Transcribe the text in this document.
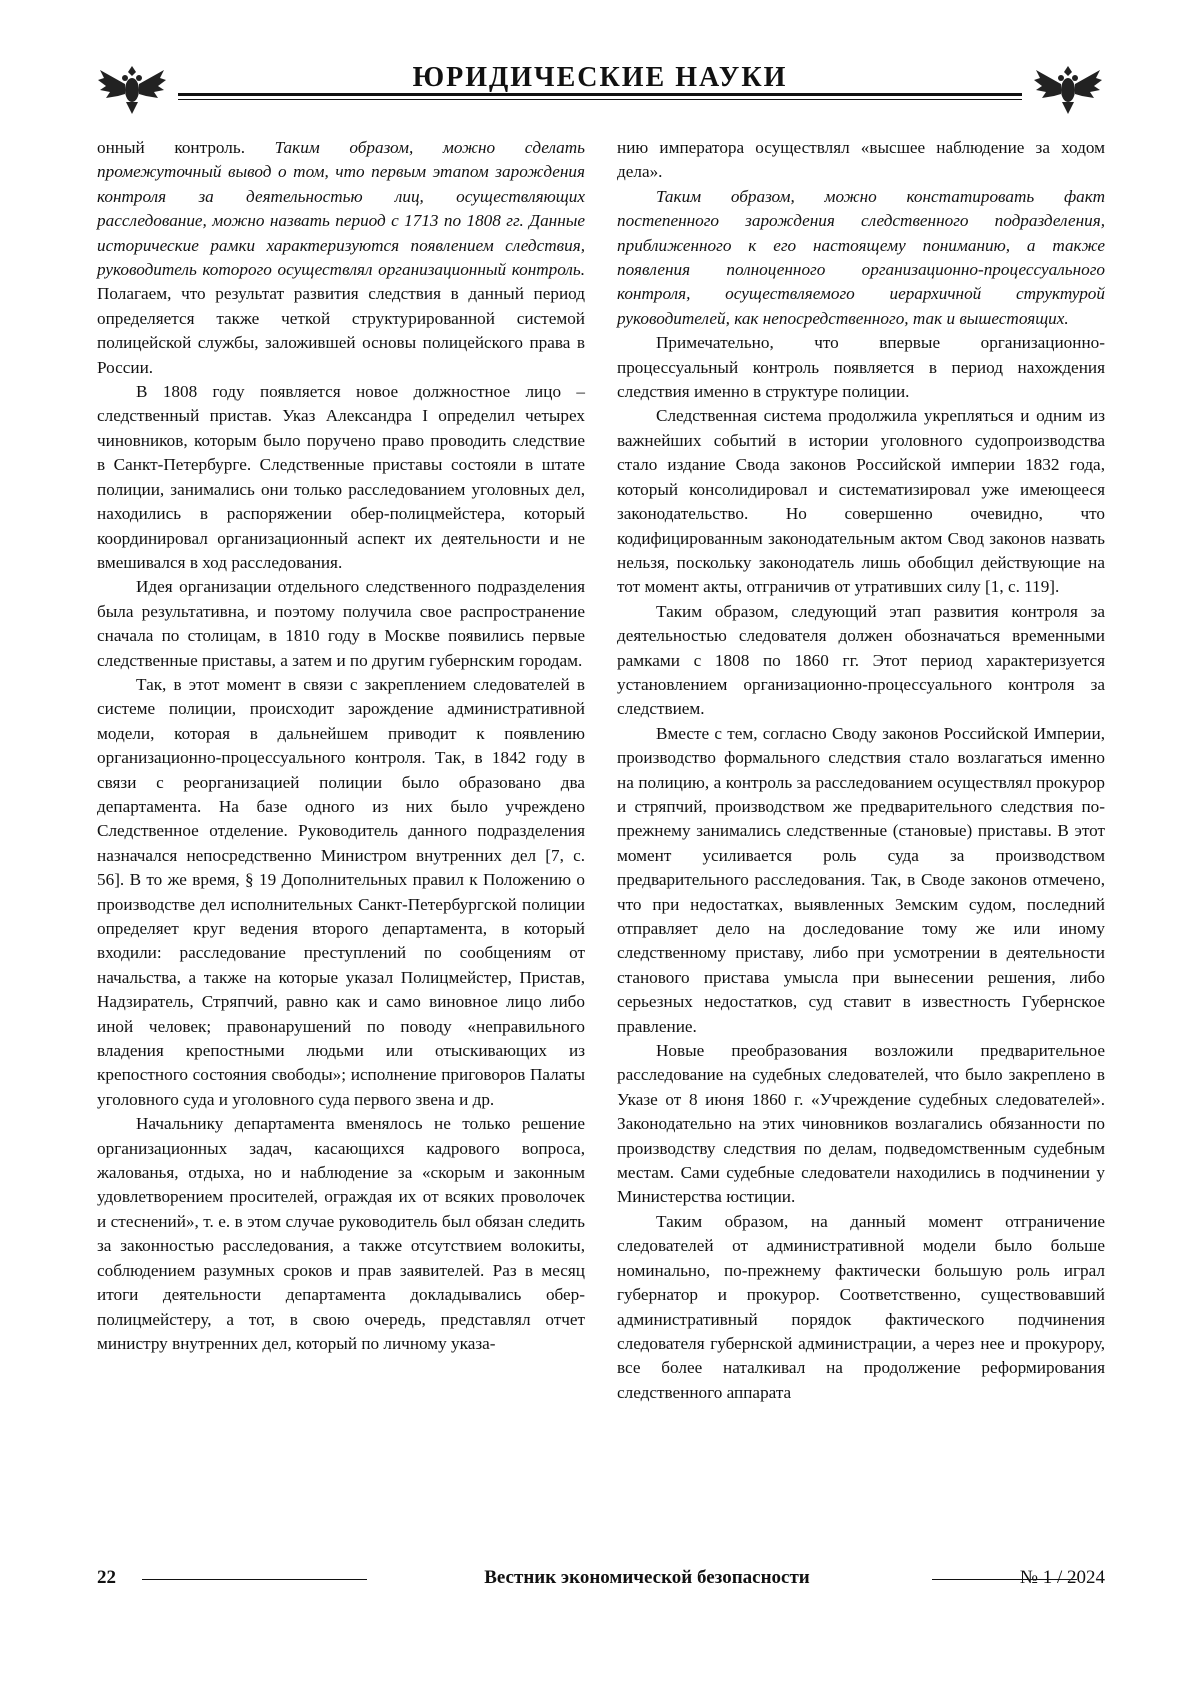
ЮРИДИЧЕСКИЕ НАУКИ

онный контроль. Таким образом, можно сделать промежуточный вывод о том, что первым этапом зарождения контроля за деятельностью лиц, осуществляющих расследование, можно назвать период с 1713 по 1808 гг. Данные исторические рамки характеризуются появлением следствия, руководитель которого осуществлял организационный контроль. Полагаем, что результат развития следствия в данный период определяется также четкой структурированной системой полицейской службы, заложившей основы полицейского права в России.

В 1808 году появляется новое должностное лицо – следственный пристав. Указ Александра I определил четырех чиновников, которым было поручено право проводить следствие в Санкт-Петербурге. Следственные приставы состояли в штате полиции, занимались они только расследованием уголовных дел, находились в распоряжении обер-полицмейстера, который координировал организационный аспект их деятельности и не вмешивался в ход расследования.

Идея организации отдельного следственного подразделения была результативна, и поэтому получила свое распространение сначала по столицам, в 1810 году в Москве появились первые следственные приставы, а затем и по другим губернским городам.

Так, в этот момент в связи с закреплением следователей в системе полиции, происходит зарождение административной модели, которая в дальнейшем приводит к появлению организационно-процессуального контроля. Так, в 1842 году в связи с реорганизацией полиции было образовано два департамента. На базе одного из них было учреждено Следственное отделение. Руководитель данного подразделения назначался непосредственно Министром внутренних дел [7, с. 56]. В то же время, § 19 Дополнительных правил к Положению о производстве дел исполнительных Санкт-Петербургской полиции определяет круг ведения второго департамента, в который входили: расследование преступлений по сообщениям от начальства, а также на которые указал Полицмейстер, Пристав, Надзиратель, Стряпчий, равно как и само виновное лицо либо иной человек; правонарушений по поводу «неправильного владения крепостными людьми или отыскивающих из крепостного состояния свободы»; исполнение приговоров Палаты уголовного суда и уголовного суда первого звена и др.

Начальнику департамента вменялось не только решение организационных задач, касающихся кадрового вопроса, жалованья, отдыха, но и наблюдение за «скорым и законным удовлетворением просителей, ограждая их от всяких проволочек и стеснений», т. е. в этом случае руководитель был обязан следить за законностью расследования, а также отсутствием волокиты, соблюдением разумных сроков и прав заявителей. Раз в месяц итоги деятельности департамента докладывались обер-полицмейстеру, а тот, в свою очередь, представлял отчет министру внутренних дел, который по личному указа-

нию императора осуществлял «высшее наблюдение за ходом дела».

Таким образом, можно констатировать факт постепенного зарождения следственного подразделения, приближенного к его настоящему пониманию, а также появления полноценного организационно-процессуального контроля, осуществляемого иерархичной структурой руководителей, как непосредственного, так и вышестоящих.

Примечательно, что впервые организационно-процессуальный контроль появляется в период нахождения следствия именно в структуре полиции.

Следственная система продолжила укрепляться и одним из важнейших событий в истории уголовного судопроизводства стало издание Свода законов Российской империи 1832 года, который консолидировал и систематизировал уже имеющееся законодательство. Но совершенно очевидно, что кодифицированным законодательным актом Свод законов назвать нельзя, поскольку законодатель лишь обобщил действующие на тот момент акты, отграничив от утративших силу [1, с. 119].

Таким образом, следующий этап развития контроля за деятельностью следователя должен обозначаться временными рамками с 1808 по 1860 гг. Этот период характеризуется установлением организационно-процессуального контроля за следствием.

Вместе с тем, согласно Своду законов Российской Империи, производство формального следствия стало возлагаться именно на полицию, а контроль за расследованием осуществлял прокурор и стряпчий, производством же предварительного следствия по-прежнему занимались следственные (становые) приставы. В этот момент усиливается роль суда за производством предварительного расследования. Так, в Своде законов отмечено, что при недостатках, выявленных Земским судом, последний отправляет дело на доследование тому же или иному следственному приставу, либо при усмотрении в деятельности станового пристава умысла при вынесении решения, либо серьезных недостатков, суд ставит в известность Губернское правление.

Новые преобразования возложили предварительное расследование на судебных следователей, что было закреплено в Указе от 8 июня 1860 г. «Учреждение судебных следователей». Законодательно на этих чиновников возлагались обязанности по производству следствия по делам, подведомственным судебным местам. Сами судебные следователи находились в подчинении у Министерства юстиции.

Таким образом, на данный момент отграничение следователей от административной модели было больше номинально, по-прежнему фактически большую роль играл губернатор и прокурор. Соответственно, существовавший административный порядок фактического подчинения следователя губернской администрации, а через нее и прокурору, все более наталкивал на продолжение реформирования следственного аппарата

22	Вестник экономической безопасности	№ 1 / 2024
